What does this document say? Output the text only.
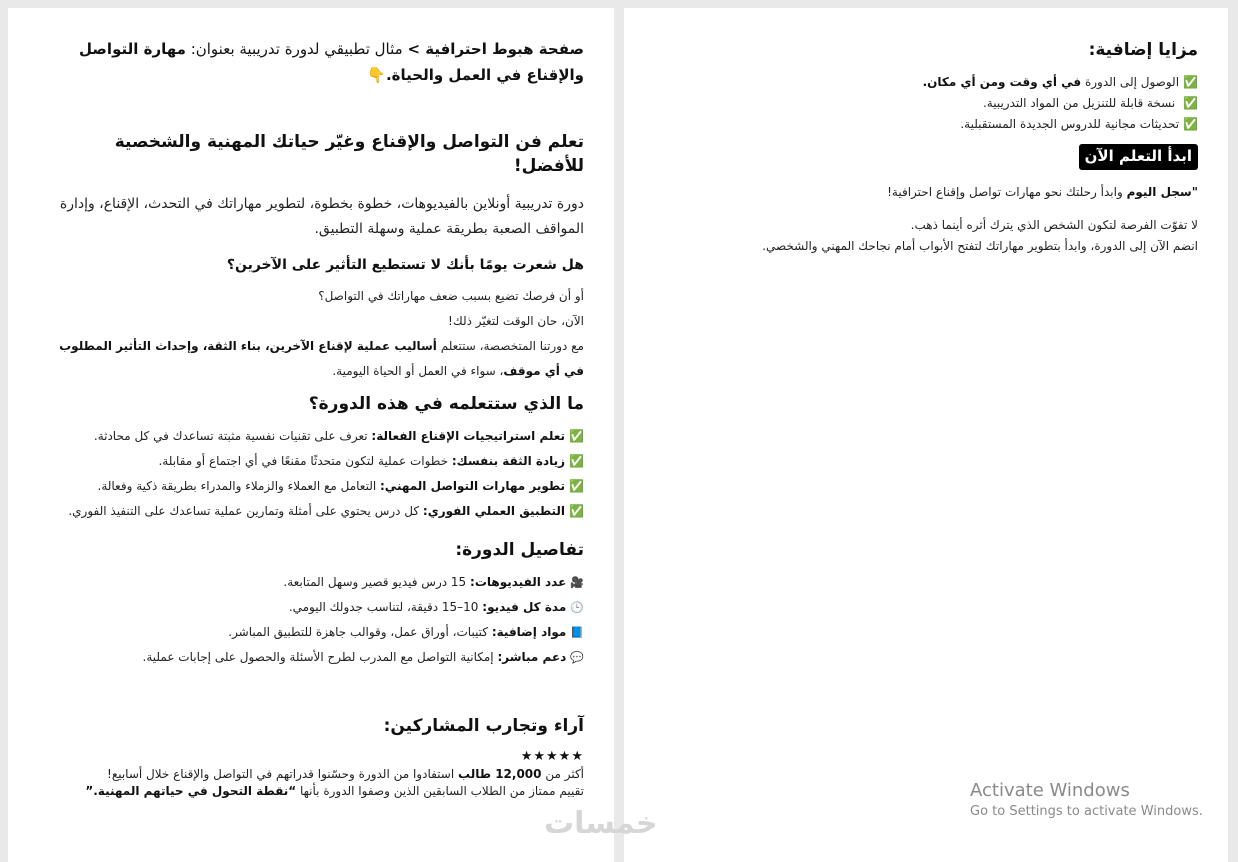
صفحة هبوط احترافية > مثال تطبيقي لدورة تدريبية بعنوان: مهارة التواصل والإقناع في العمل والحياة.👇

تعلم فن التواصل والإقناع وغيّر حياتك المهنية والشخصية للأفضل!

دورة تدريبية أونلاين بالفيديوهات، خطوة بخطوة، لتطوير مهاراتك في التحدث، الإقناع، وإدارة المواقف الصعبة بطريقة عملية وسهلة التطبيق.

هل شعرت يومًا بأنك لا تستطيع التأثير على الآخرين؟

أو أن فرصك تضيع بسبب ضعف مهاراتك في التواصل؟

الآن، حان الوقت لتغيّر ذلك!

مع دورتنا المتخصصة، ستتعلم أساليب عملية لإقناع الآخرين، بناء الثقة، وإحداث التأثير المطلوب في أي موقف، سواء في العمل أو الحياة اليومية.

ما الذي ستتعلمه في هذه الدورة؟

✅تعلم استراتيجيات الإقناع الفعالة: تعرف على تقنيات نفسية مثبتة تساعدك في كل محادثة.
✅زيادة الثقة بنفسك: خطوات عملية لتكون متحدثًا مقنعًا في أي اجتماع أو مقابلة.
✅تطوير مهارات التواصل المهني: التعامل مع العملاء والزملاء والمدراء بطريقة ذكية وفعالة.
✅التطبيق العملي الفوري: كل درس يحتوي على أمثلة وتمارين عملية تساعدك على التنفيذ الفوري.

تفاصيل الدورة:

🎥عدد الفيديوهات: 15 درس فيديو قصير وسهل المتابعة.
🕒مدة كل فيديو: 10–15 دقيقة، لتناسب جدولك اليومي.
📘مواد إضافية: كتيبات، أوراق عمل، وقوالب جاهزة للتطبيق المباشر.
💬دعم مباشر: إمكانية التواصل مع المدرب لطرح الأسئلة والحصول على إجابات عملية.

آراء وتجارب المشاركين:

★★★★★

أكثر من 12,000 طالب استفادوا من الدورة وحسّنوا قدراتهم في التواصل والإقناع خلال أسابيع!

تقييم ممتاز من الطلاب السابقين الذين وصفوا الدورة بأنها “نقطة التحول في حياتهم المهنية.”

مزايا إضافية:

✅الوصول إلى الدورة في أي وقت ومن أي مكان.
✅ نسخة قابلة للتنزيل من المواد التدريبية.
✅تحديثات مجانية للدروس الجديدة المستقبلية.
ابدأ التعلم الآن

"سجل اليوم وابدأ رحلتك نحو مهارات تواصل وإقناع احترافية!

لا تفوّت الفرصة لتكون الشخص الذي يترك أثره أينما ذهب.

انضم الآن إلى الدورة، وابدأ بتطوير مهاراتك لتفتح الأبواب أمام نجاحك المهني والشخصي.

Activate Windows
Go to Settings to activate Windows.
خمسات
